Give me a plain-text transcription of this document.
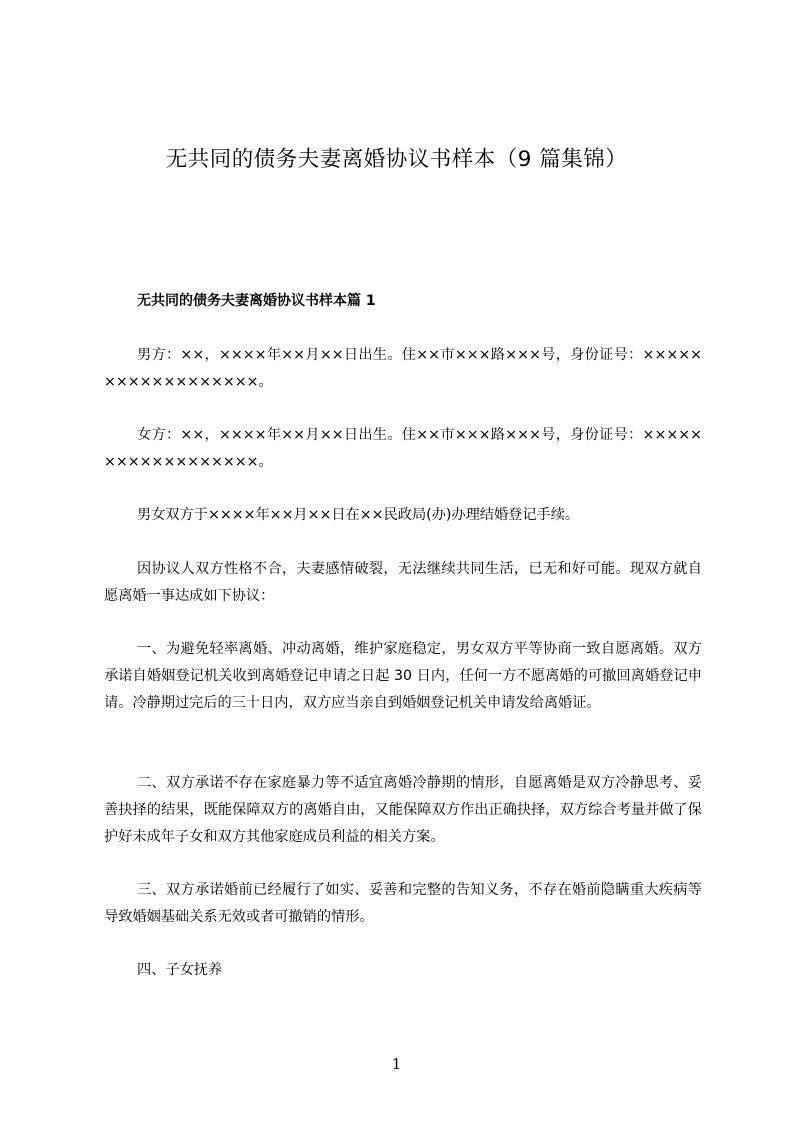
无共同的债务夫妻离婚协议书样本（9 篇集锦）
无共同的债务夫妻离婚协议书样本篇 1

男方：××，××××年××月××日出生。住××市×××路×××号，身份证号：××××××××××××××××××。

女方：××，××××年××月××日出生。住××市×××路×××号，身份证号：××××××××××××××××××。

男女双方于××××年××月××日在××民政局(办)办理结婚登记手续。

因协议人双方性格不合，夫妻感情破裂，无法继续共同生活，已无和好可能。现双方就自愿离婚一事达成如下协议：

一、为避免轻率离婚、冲动离婚，维护家庭稳定，男女双方平等协商一致自愿离婚。双方承诺自婚姻登记机关收到离婚登记申请之日起 30 日内，任何一方不愿离婚的可撤回离婚登记申请。冷静期过完后的三十日内，双方应当亲自到婚姻登记机关申请发给离婚证。

二、双方承诺不存在家庭暴力等不适宜离婚冷静期的情形，自愿离婚是双方冷静思考、妥善抉择的结果，既能保障双方的离婚自由，又能保障双方作出正确抉择，双方综合考量并做了保护好未成年子女和双方其他家庭成员利益的相关方案。

三、双方承诺婚前已经履行了如实、妥善和完整的告知义务，不存在婚前隐瞒重大疾病等导致婚姻基础关系无效或者可撤销的情形。

四、子女抚养

1
